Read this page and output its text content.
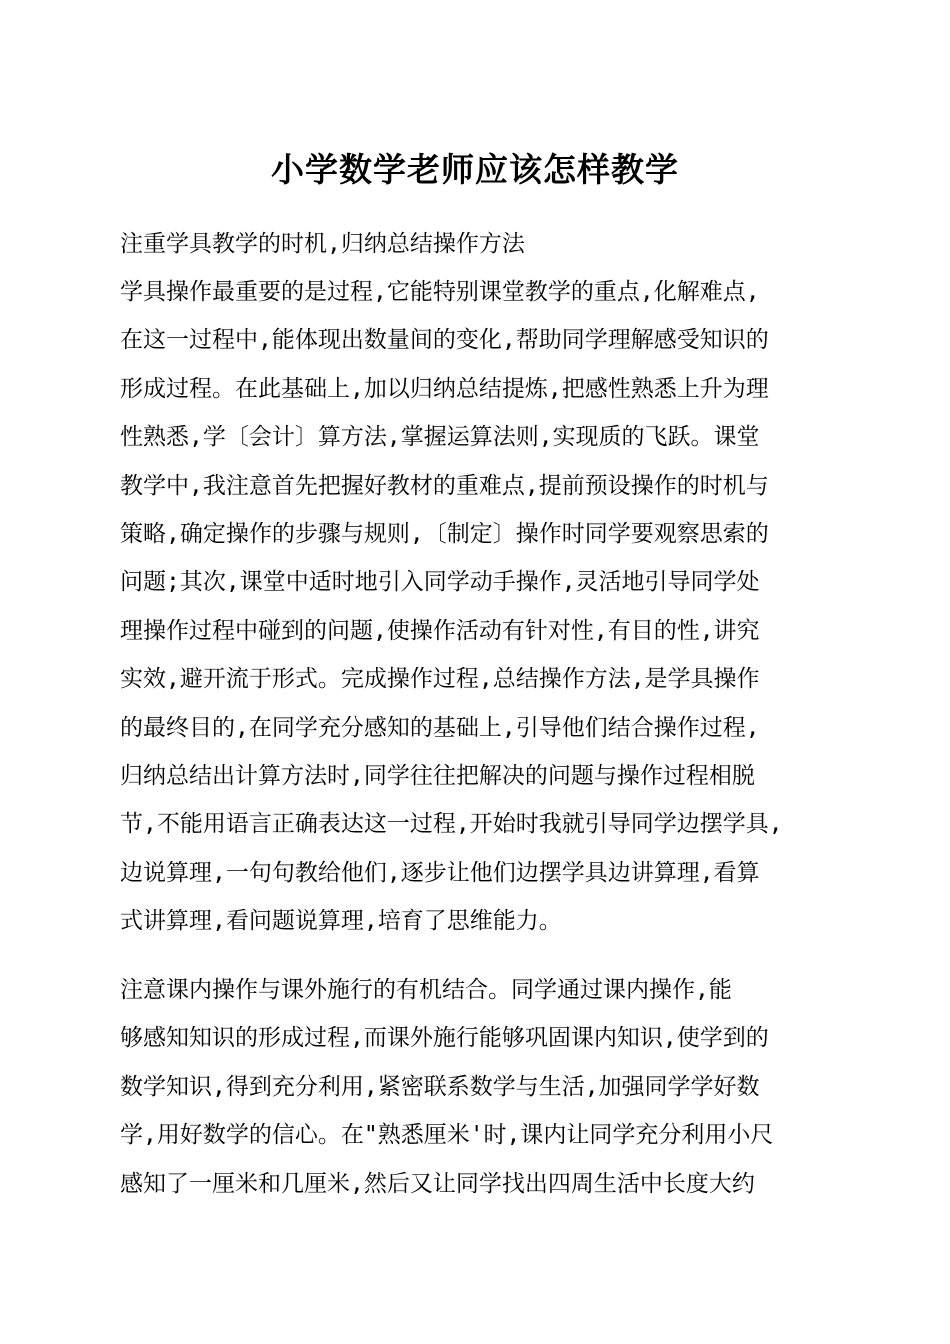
小学数学老师应该怎样教学
注重学具教学的时机,归纳总结操作方法
学具操作最重要的是过程,它能特别课堂教学的重点,化解难点,
在这一过程中,能体现出数量间的变化,帮助同学理解感受知识的
形成过程。在此基础上,加以归纳总结提炼,把感性熟悉上升为理
性熟悉,学〔会计〕算方法,掌握运算法则,实现质的飞跃。课堂
教学中,我注意首先把握好教材的重难点,提前预设操作的时机与
策略,确定操作的步骤与规则,〔制定〕操作时同学要观察思索的
问题;其次,课堂中适时地引入同学动手操作,灵活地引导同学处
理操作过程中碰到的问题,使操作活动有针对性,有目的性,讲究
实效,避开流于形式。完成操作过程,总结操作方法,是学具操作
的最终目的,在同学充分感知的基础上,引导他们结合操作过程,
归纳总结出计算方法时,同学往往把解决的问题与操作过程相脱
节,不能用语言正确表达这一过程,开始时我就引导同学边摆学具,
边说算理,一句句教给他们,逐步让他们边摆学具边讲算理,看算
式讲算理,看问题说算理,培育了思维能力。
注意课内操作与课外施行的有机结合。同学通过课内操作,能
够感知知识的形成过程,而课外施行能够巩固课内知识,使学到的
数学知识,得到充分利用,紧密联系数学与生活,加强同学学好数
学,用好数学的信心。在"熟悉厘米'时,课内让同学充分利用小尺
感知了一厘米和几厘米,然后又让同学找出四周生活中长度大约
